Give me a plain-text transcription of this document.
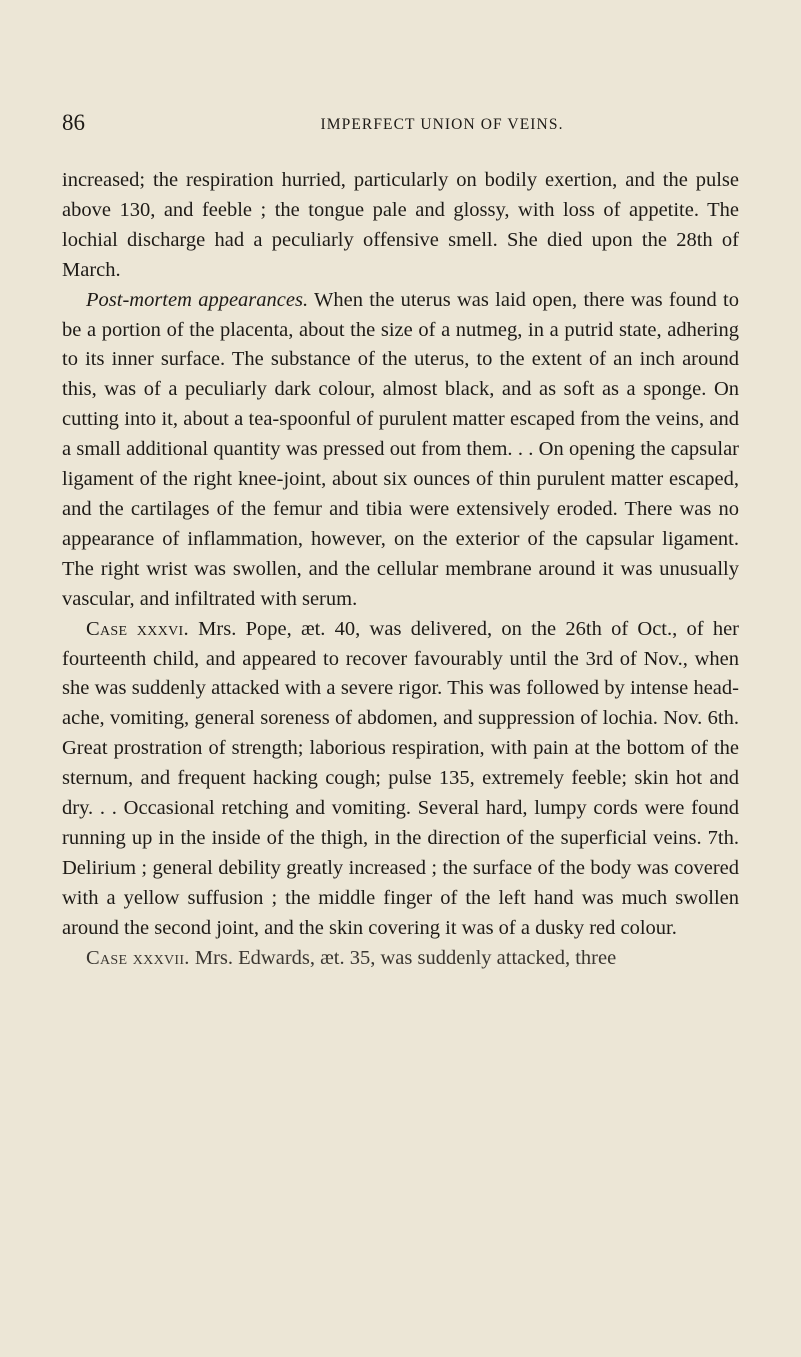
86	IMPERFECT UNION OF VEINS.

increased; the respiration hurried, particularly on bodily exertion, and the pulse above 130, and feeble ; the tongue pale and glossy, with loss of appetite. The lochial discharge had a peculiarly offensive smell. She died upon the 28th of March.

Post-mortem appearances. When the uterus was laid open, there was found to be a portion of the placenta, about the size of a nutmeg, in a putrid state, adhering to its inner surface. The substance of the uterus, to the extent of an inch around this, was of a peculiarly dark colour, almost black, and as soft as a sponge. On cutting into it, about a tea-spoonful of purulent matter escaped from the veins, and a small additional quantity was pressed out from them. . . On opening the capsular ligament of the right knee-joint, about six ounces of thin purulent matter escaped, and the cartilages of the femur and tibia were extensively eroded. There was no appearance of inflammation, however, on the exterior of the capsular ligament. The right wrist was swollen, and the cellular membrane around it was unusually vascular, and infiltrated with serum.

Case xxxvi. Mrs. Pope, æt. 40, was delivered, on the 26th of Oct., of her fourteenth child, and appeared to recover favourably until the 3rd of Nov., when she was suddenly attacked with a severe rigor. This was followed by intense head-ache, vomiting, general soreness of abdomen, and suppression of lochia. Nov. 6th. Great prostration of strength; laborious respiration, with pain at the bottom of the sternum, and frequent hacking cough; pulse 135, extremely feeble; skin hot and dry. . . Occasional retching and vomiting. Several hard, lumpy cords were found running up in the inside of the thigh, in the direction of the superficial veins. 7th. Delirium ; general debility greatly increased ; the surface of the body was covered with a yellow suffusion ; the middle finger of the left hand was much swollen around the second joint, and the skin covering it was of a dusky red colour.

Case xxxvii. Mrs. Edwards, æt. 35, was suddenly attacked, three
